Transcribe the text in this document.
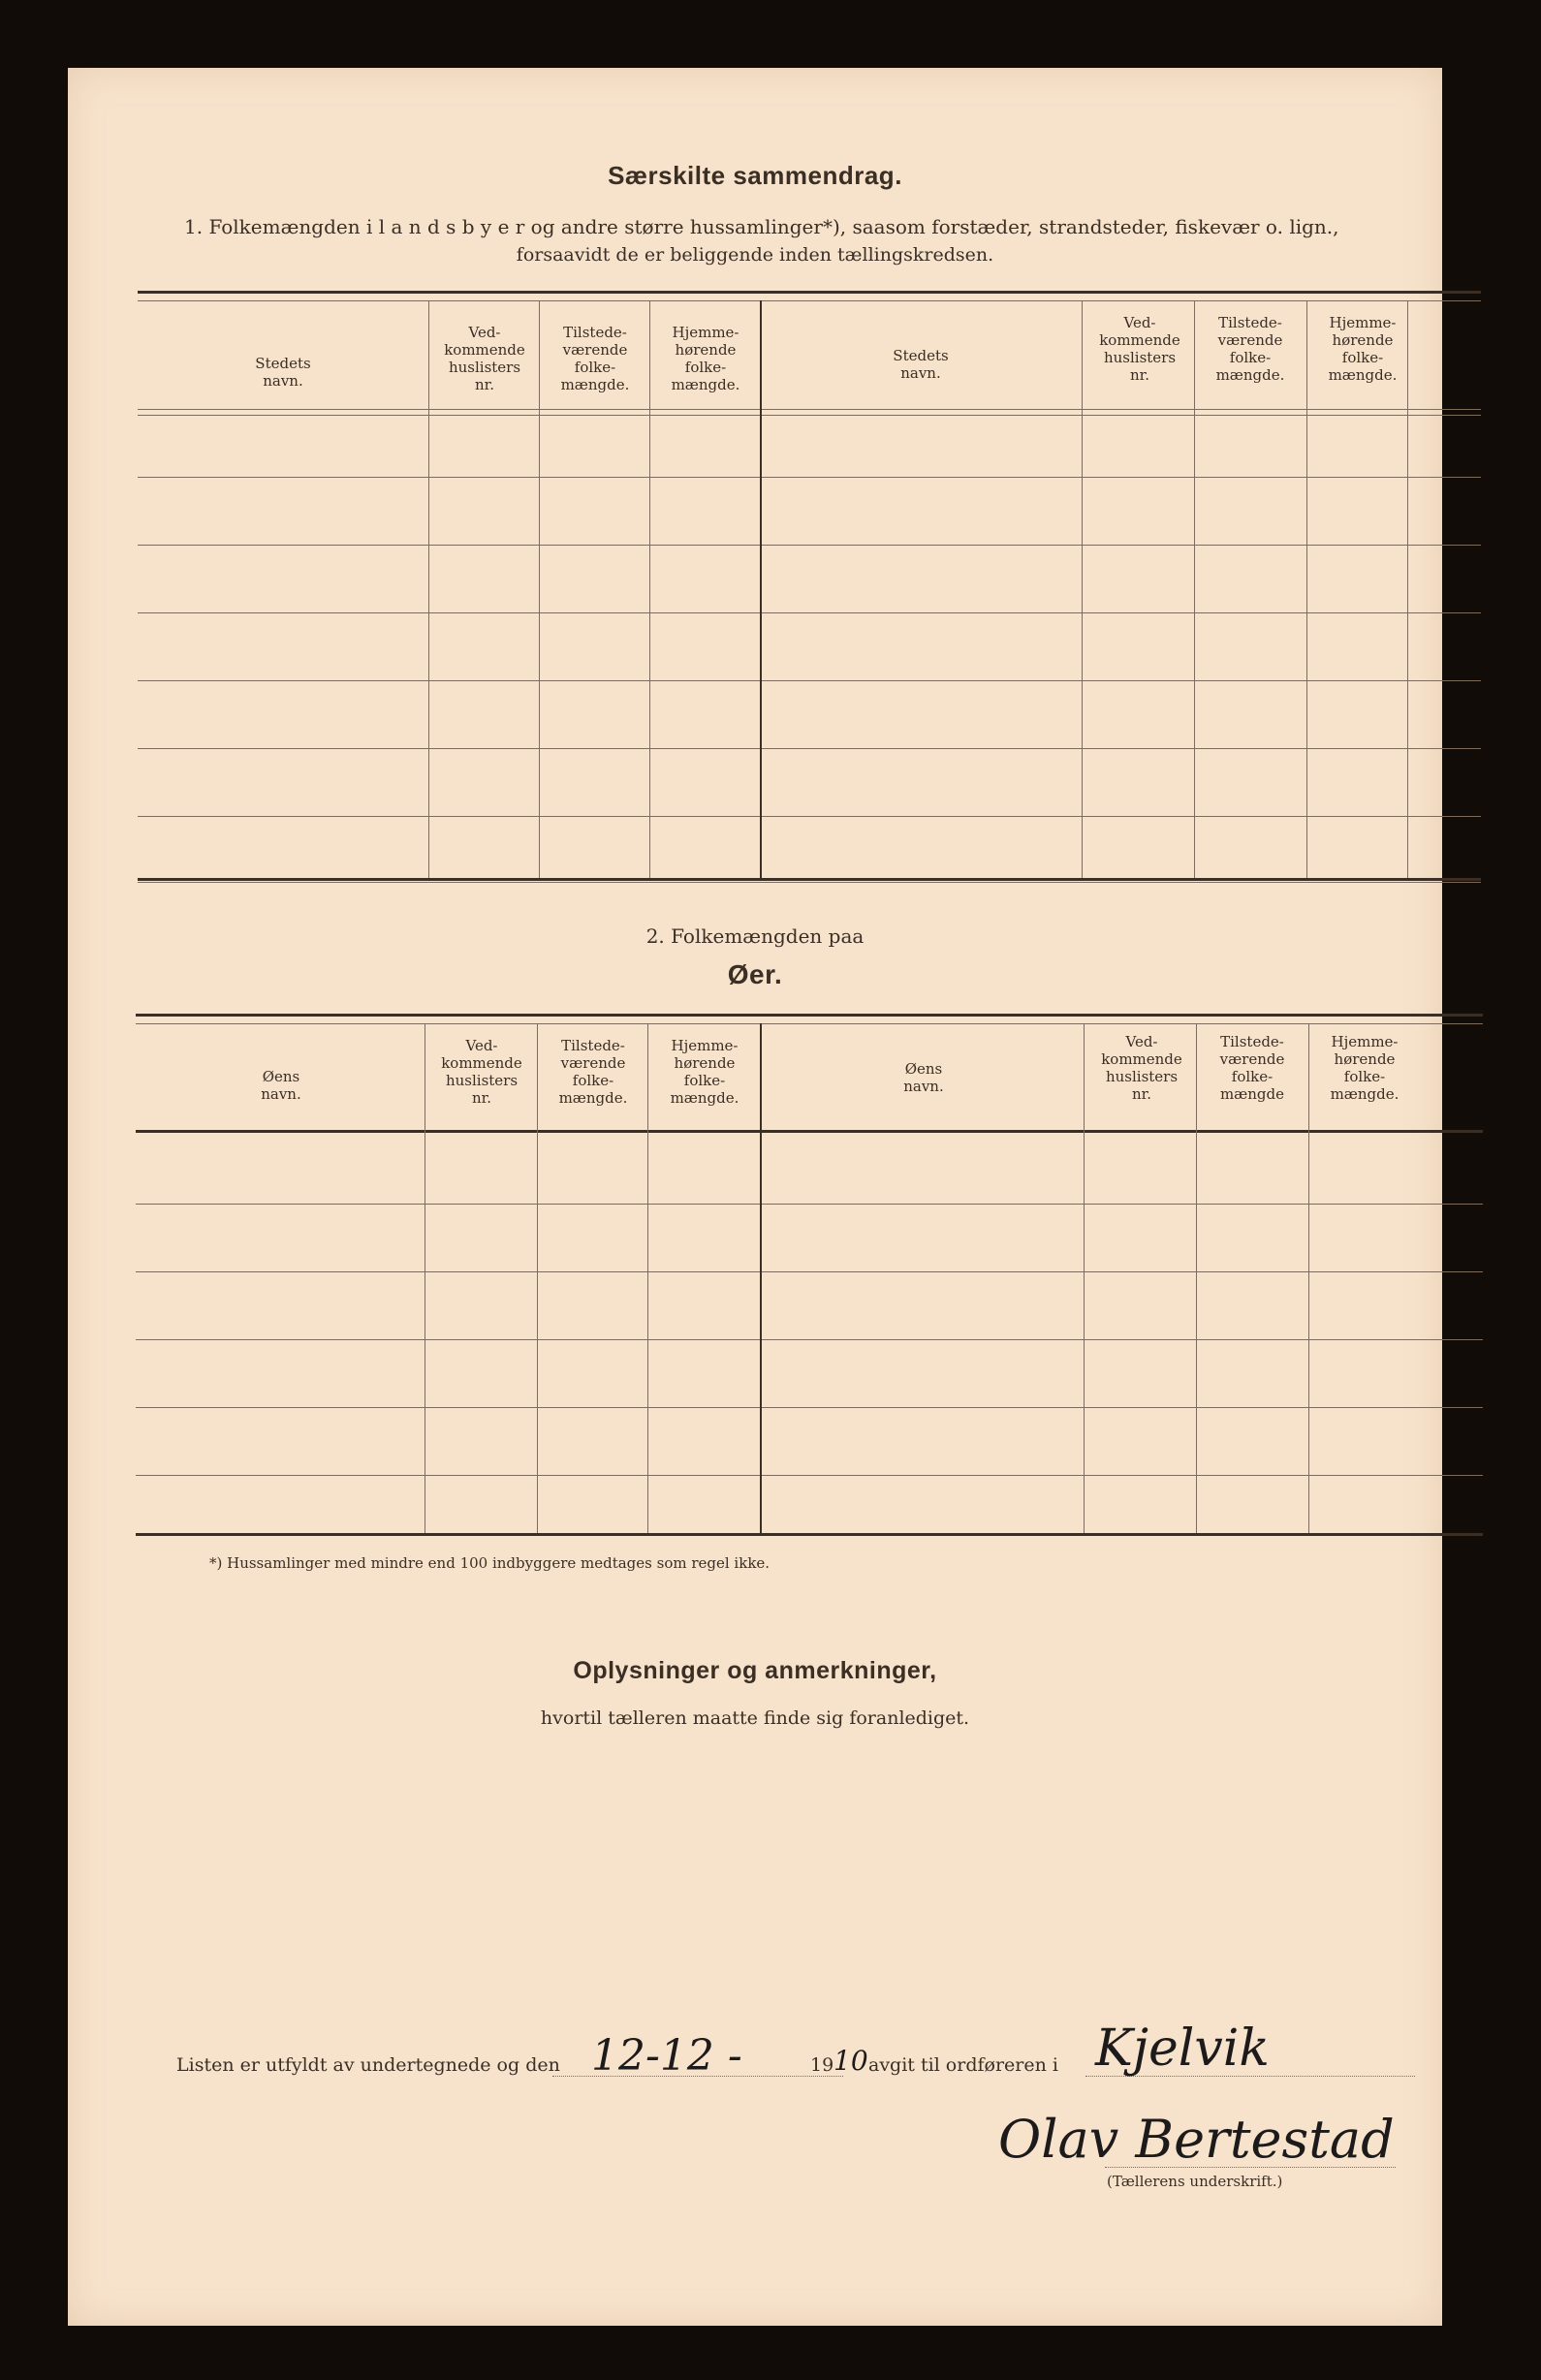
Særskilte sammendrag.
1. Folkemængden i l a n d s b y e r og andre større hussamlinger*), saasom forstæder, strandsteder, fiskevær o. lign.,
forsaavidt de er beliggende inden tællingskredsen.
Stedets
navn.
Ved-
kommende
huslisters
nr.
Tilstede-
værende
folke-
mængde.
Hjemme-
hørende
folke-
mængde.
Stedets
navn.
Ved-
kommende
huslisters
nr.
Tilstede-
værende
folke-
mængde.
Hjemme-
hørende
folke-
mængde.
2. Folkemængden paa
Øer.
Øens
navn.
Ved-
kommende
huslisters
nr.
Tilstede-
værende
folke-
mængde.
Hjemme-
hørende
folke-
mængde.
Øens
navn.
Ved-
kommende
huslisters
nr.
Tilstede-
værende
folke-
mængde
Hjemme-
hørende
folke-
mængde.
*) Hussamlinger med mindre end 100 indbyggere medtages som regel ikke.
Oplysninger og anmerkninger,
hvortil tælleren maatte finde sig foranlediget.
Listen er utfyldt av undertegnede og den 12-12 -	19 10 avgit til ordføreren i Kjelvik
Olav Bertestad
(Tællerens underskrift.)
